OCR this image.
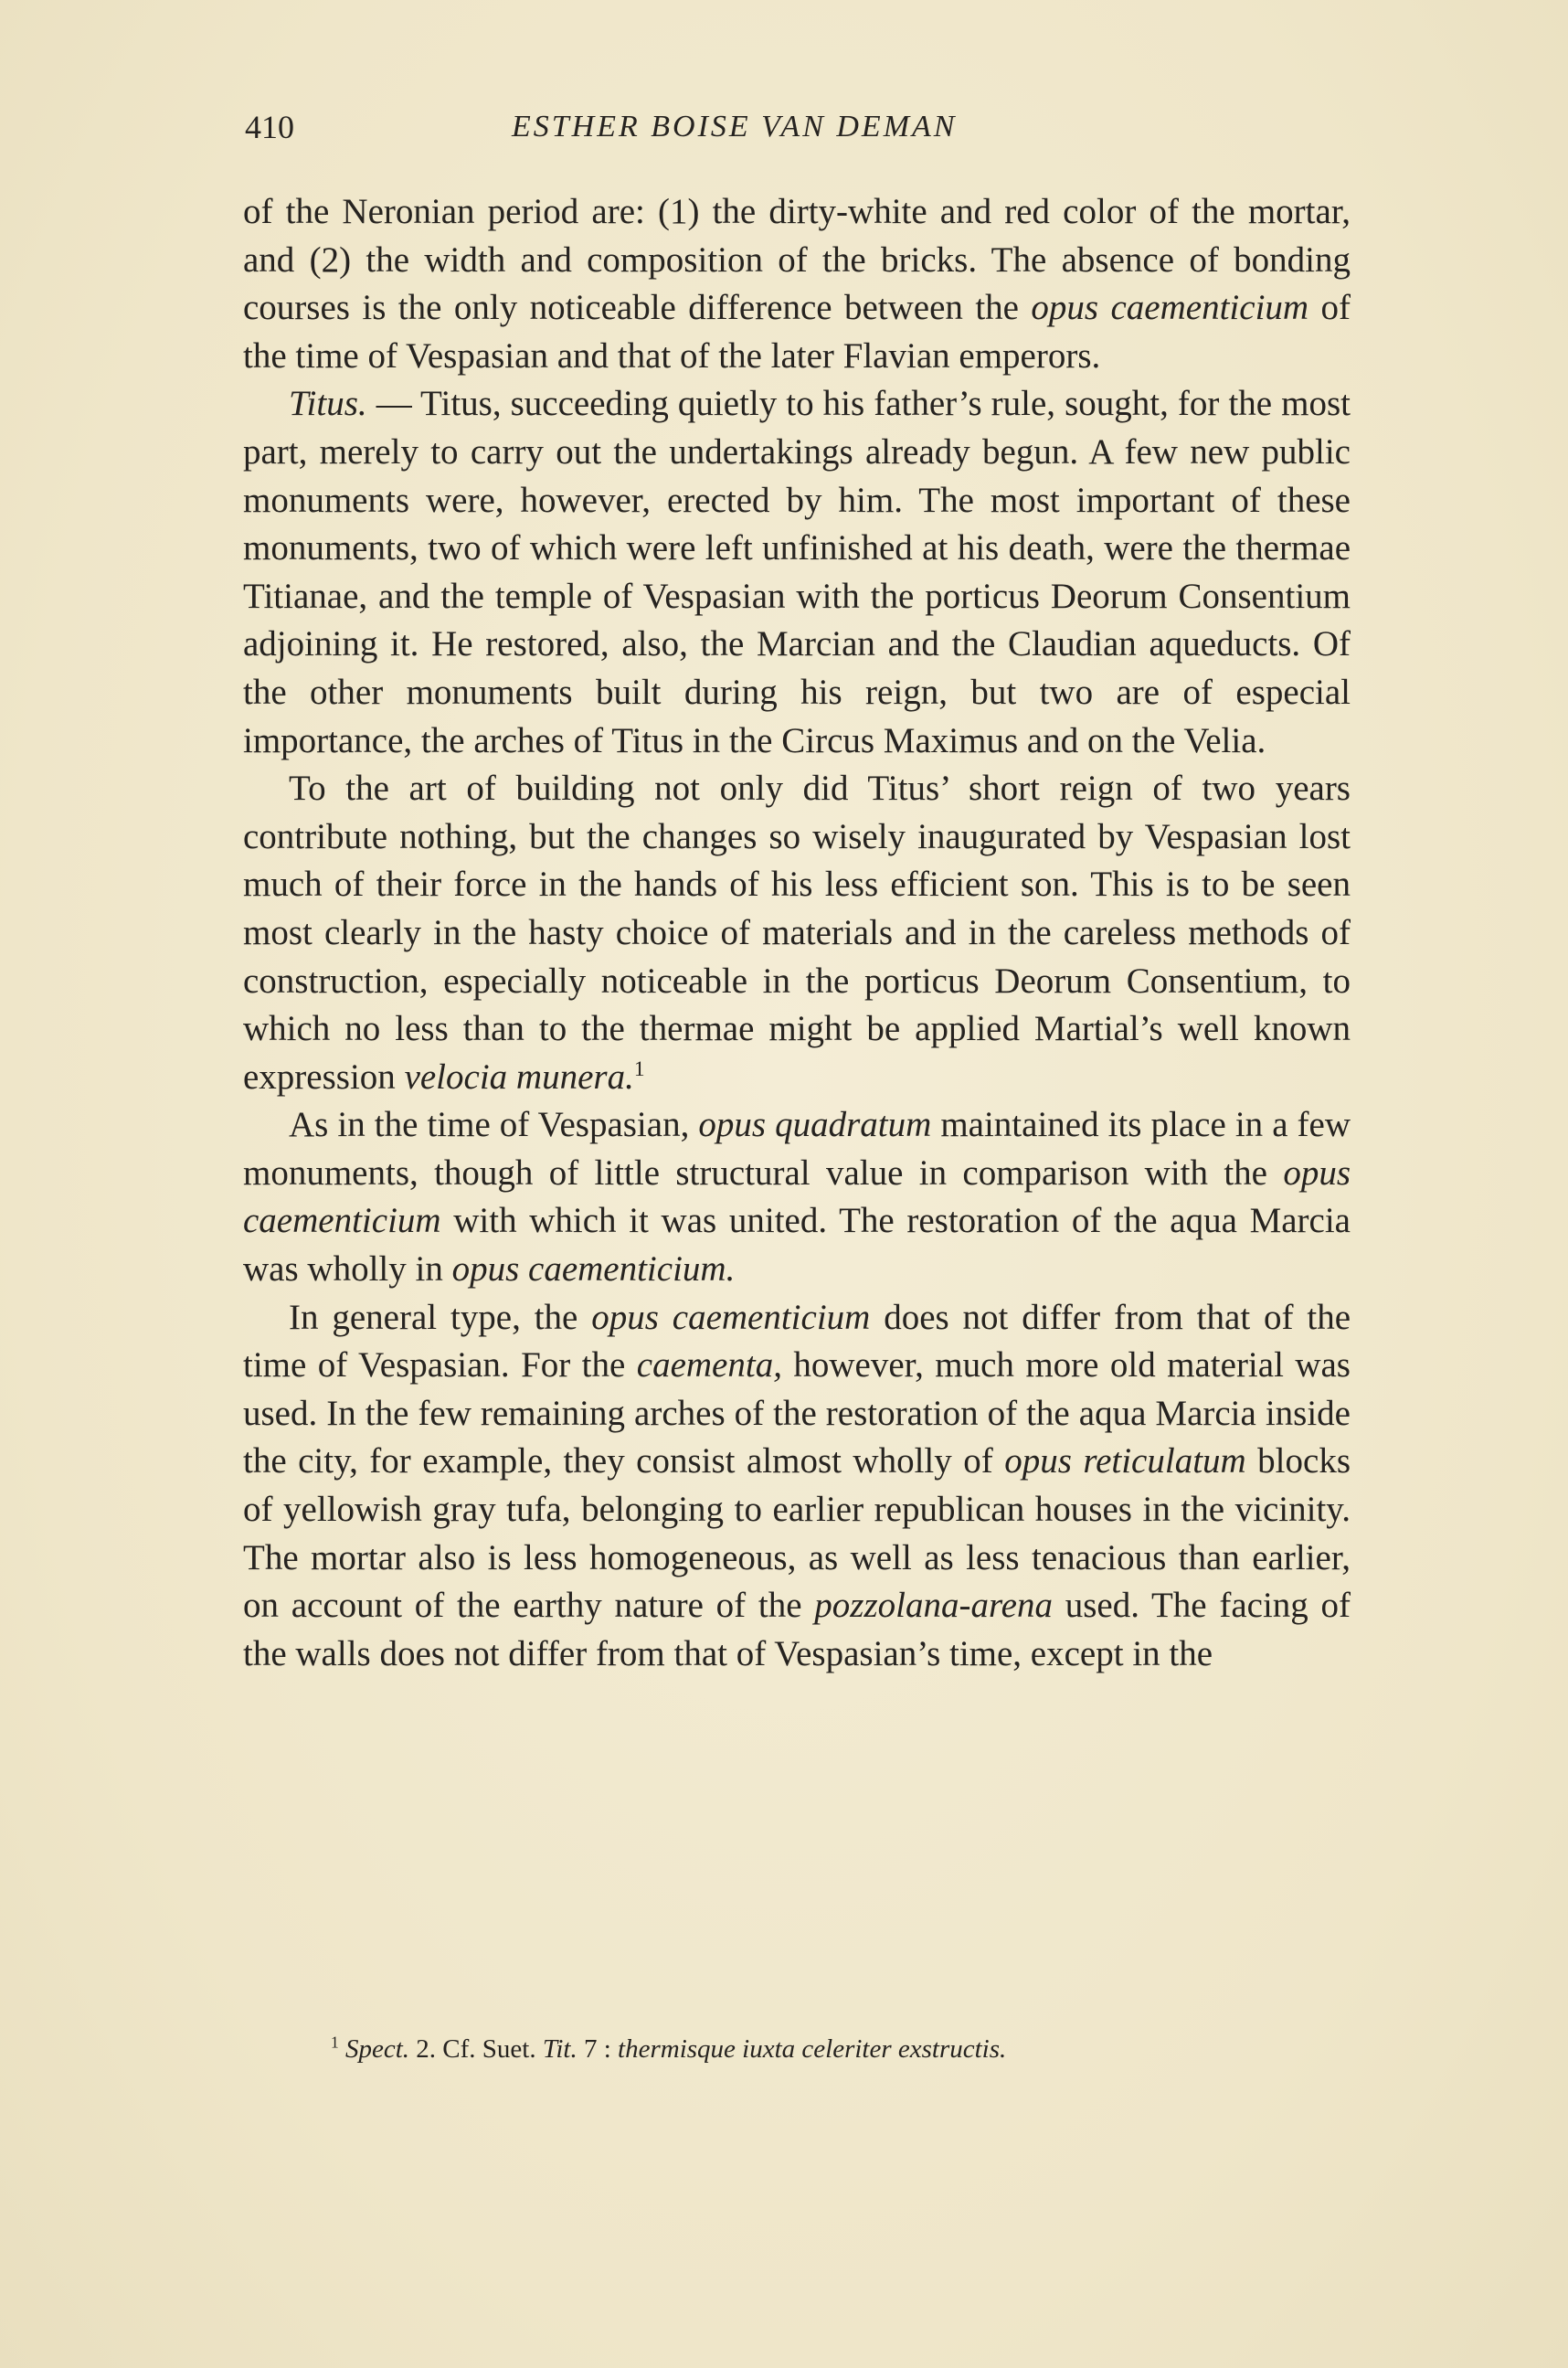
410	ESTHER BOISE VAN DEMAN

of the Neronian period are: (1) the dirty-white and red color of the mortar, and (2) the width and composition of the bricks. The absence of bonding courses is the only noticeable difference between the opus caementicium of the time of Vespasian and that of the later Flavian emperors.

Titus. — Titus, succeeding quietly to his father’s rule, sought, for the most part, merely to carry out the undertakings already begun. A few new public monuments were, however, erected by him. The most important of these monuments, two of which were left unfinished at his death, were the thermae Titianae, and the temple of Vespasian with the porticus Deorum Consentium adjoining it. He restored, also, the Marcian and the Claudian aqueducts. Of the other monuments built during his reign, but two are of especial importance, the arches of Titus in the Circus Maximus and on the Velia.

To the art of building not only did Titus’ short reign of two years contribute nothing, but the changes so wisely inaugurated by Vespasian lost much of their force in the hands of his less efficient son. This is to be seen most clearly in the hasty choice of materials and in the careless methods of construction, especially noticeable in the porticus Deorum Consentium, to which no less than to the thermae might be applied Martial’s well known expression velocia munera.$^1$

As in the time of Vespasian, opus quadratum maintained its place in a few monuments, though of little structural value in comparison with the opus caementicium with which it was united. The restoration of the aqua Marcia was wholly in opus caementicium.

In general type, the opus caementicium does not differ from that of the time of Vespasian. For the caementa, however, much more old material was used. In the few remaining arches of the restoration of the aqua Marcia inside the city, for example, they consist almost wholly of opus reticulatum blocks of yellowish gray tufa, belonging to earlier republican houses in the vicinity. The mortar also is less homogeneous, as well as less tenacious than earlier, on account of the earthy nature of the pozzolana-arena used. The facing of the walls does not differ from that of Vespasian’s time, except in the

$^1$ Spect. 2. Cf. Suet. Tit. 7 : thermisque iuxta celeriter exstructis.
